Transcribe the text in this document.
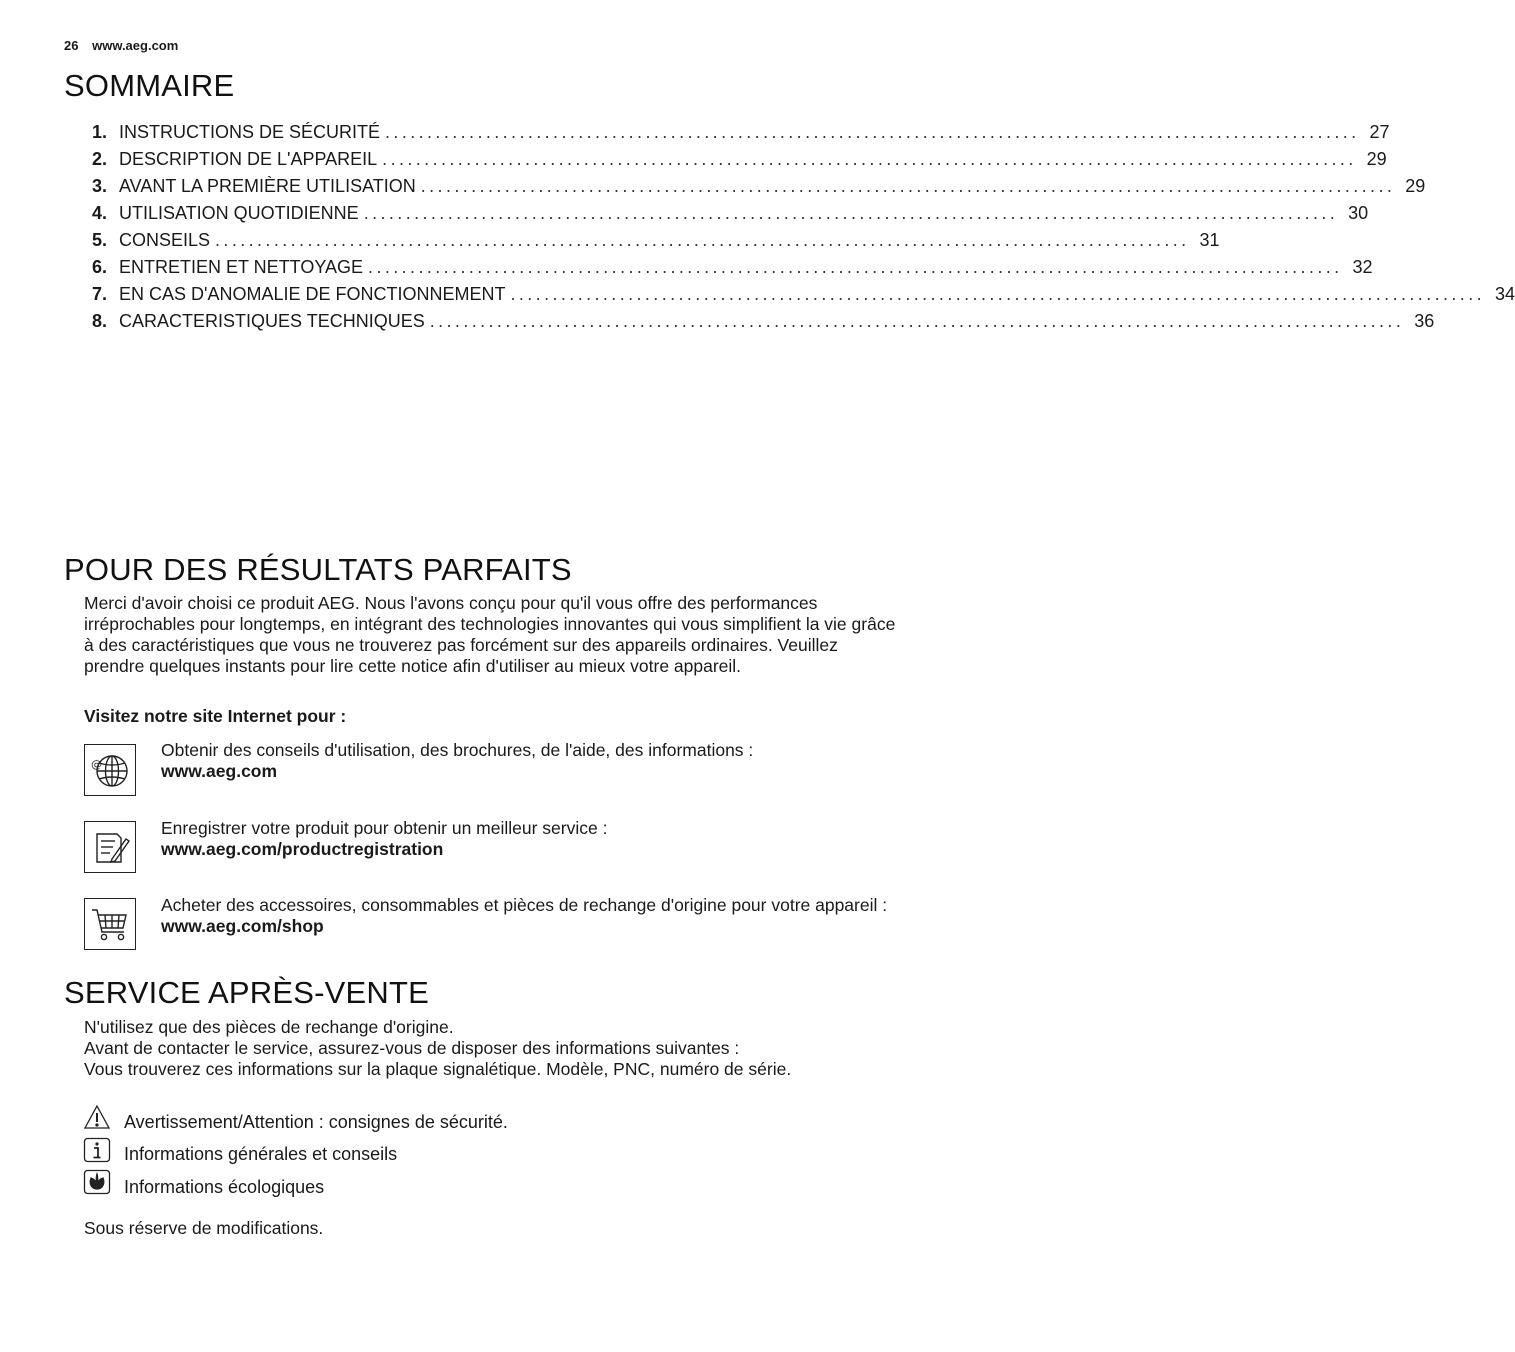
26 www.aeg.com
SOMMAIRE
1. INSTRUCTIONS DE SÉCURITÉ .................................................................................................................... 27
2. DESCRIPTION DE L'APPAREIL .................................................................................................................... 29
3. AVANT LA PREMIÈRE UTILISATION .................................................................................................................... 29
4. UTILISATION QUOTIDIENNE .................................................................................................................... 30
5. CONSEILS .................................................................................................................... 31
6. ENTRETIEN ET NETTOYAGE .................................................................................................................... 32
7. EN CAS D'ANOMALIE DE FONCTIONNEMENT .................................................................................................................... 34
8. CARACTERISTIQUES TECHNIQUES .................................................................................................................... 36
POUR DES RÉSULTATS PARFAITS

Merci d'avoir choisi ce produit AEG. Nous l'avons conçu pour qu'il vous offre des performances irréprochables pour longtemps, en intégrant des technologies innovantes qui vous simplifient la vie grâce à des caractéristiques que vous ne trouverez pas forcément sur des appareils ordinaires. Veuillez prendre quelques instants pour lire cette notice afin d'utiliser au mieux votre appareil.

Visitez notre site Internet pour :

@
Obtenir des conseils d'utilisation, des brochures, de l'aide, des informations :
www.aeg.com
Enregistrer votre produit pour obtenir un meilleur service :
www.aeg.com/productregistration
Acheter des accessoires, consommables et pièces de rechange d'origine pour votre appareil :
www.aeg.com/shop
SERVICE APRÈS-VENTE

N'utilisez que des pièces de rechange d'origine.

Avant de contacter le service, assurez-vous de disposer des informations suivantes :

Vous trouverez ces informations sur la plaque signalétique. Modèle, PNC, numéro de série.

Avertissement/Attention : consignes de sécurité.

Informations générales et conseils

Informations écologiques

Sous réserve de modifications.
